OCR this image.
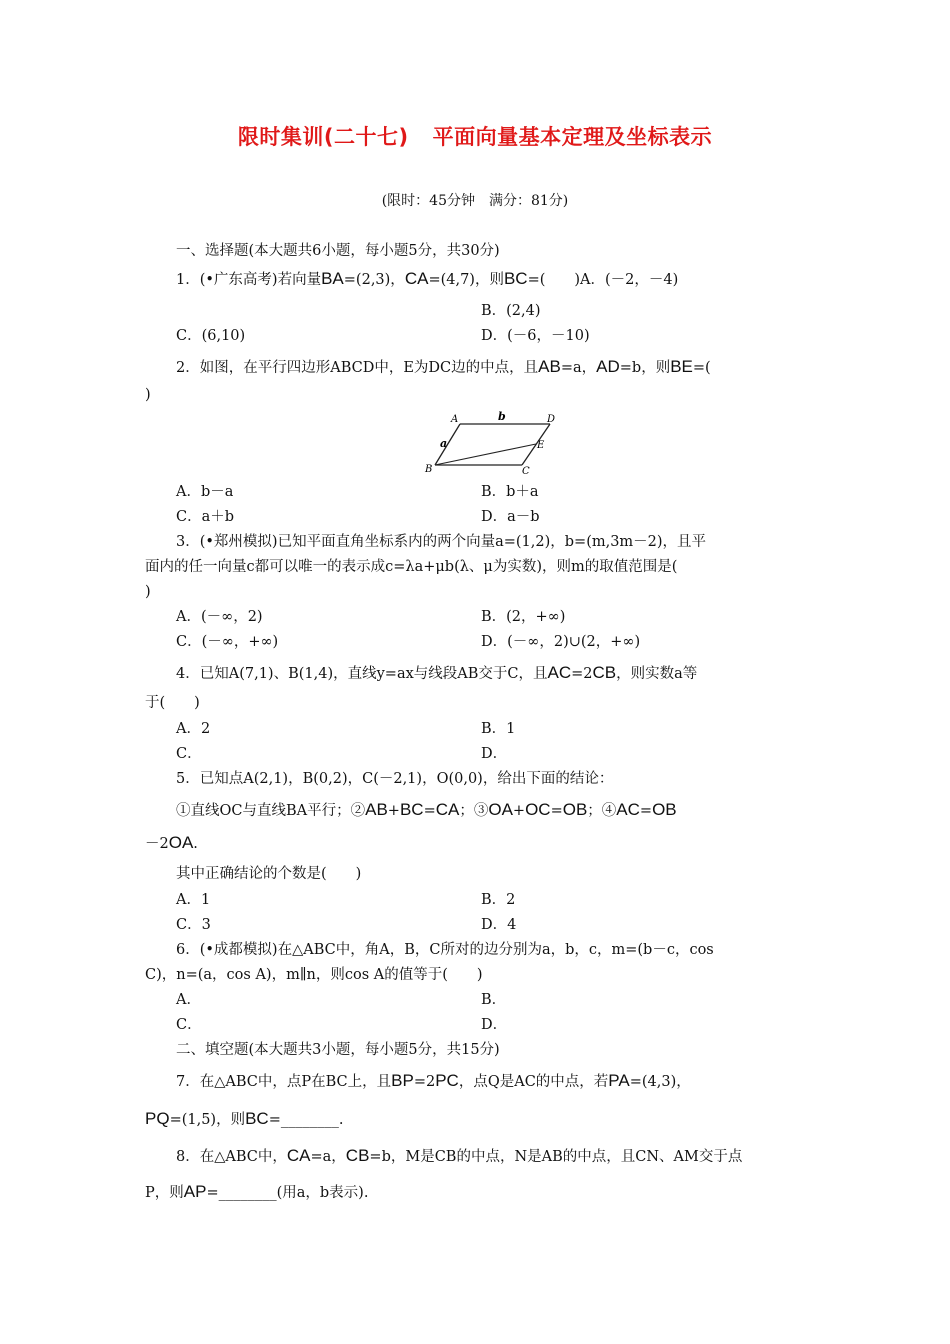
限时集训(二十七) 平面向量基本定理及坐标表示
(限时：45分钟　满分：81分)
一、选择题(本大题共6小题，每小题5分，共30分)
1．(•广东高考)若向量BA=(2,3)，CA=(4,7)，则BC=(　　)A．(－2，－4)
B．(2,4)
C．(6,10)	D．(－6，－10)
2．如图，在平行四边形ABCD中，E为DC边的中点，且AB=a，AD=b，则BE=(
)
A
B	C
D
E
a
b
A．b－a	B．b＋a
C．a＋b	D．a－b
3．(•郑州模拟)已知平面直角坐标系内的两个向量a=(1,2)，b=(m,3m－2)，且平
面内的任一向量c都可以唯一的表示成c=λa+μb(λ、μ为实数)，则m的取值范围是(
)
A．(－∞，2)	B．(2，+∞)
C．(－∞，+∞)	D．(－∞，2)∪(2，+∞)
4．已知A(7,1)、B(1,4)，直线y=ax与线段AB交于C，且AC=2CB，则实数a等
于(　　)
A．2	B．1
C．	D．
5．已知点A(2,1)，B(0,2)，C(－2,1)，O(0,0)，给出下面的结论：
①直线OC与直线BA平行；②AB+BC=CA；③OA+OC=OB；④AC=OB
－2OA.
其中正确结论的个数是(　　)
A．1	B．2
C．3	D．4
6．(•成都模拟)在△ABC中，角A，B，C所对的边分别为a，b，c，m=(b－c，cos
C)，n=(a，cos A)，m∥n，则cos A的值等于(　　)
A．	B．
C．	D．
二、填空题(本大题共3小题，每小题5分，共15分)
7．在△ABC中，点P在BC上，且BP=2PC，点Q是AC的中点，若PA=(4,3)，
PQ=(1,5)，则BC=________.
8．在△ABC中，CA=a，CB=b，M是CB的中点，N是AB的中点，且CN、AM交于点
P，则AP=________(用a，b表示).
